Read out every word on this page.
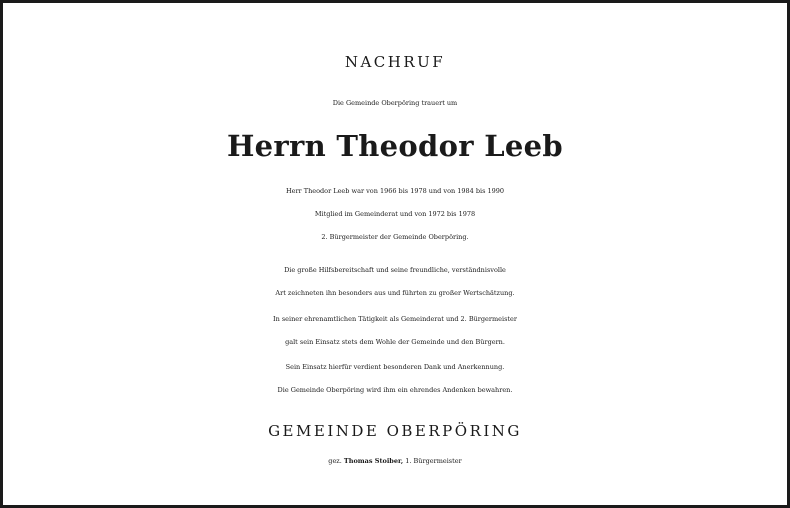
NACHRUF
Die Gemeinde Oberpöring trauert um
Herrn Theodor Leeb
Herr Theodor Leeb war von 1966 bis 1978 und von 1984 bis 1990
Mitglied im Gemeinderat und von 1972 bis 1978
2. Bürgermeister der Gemeinde Oberpöring.
Die große Hilfsbereitschaft und seine freundliche, verständnisvolle
Art zeichneten ihn besonders aus und führten zu großer Wertschätzung.
In seiner ehrenamtlichen Tätigkeit als Gemeinderat und 2. Bürgermeister
galt sein Einsatz stets dem Wohle der Gemeinde und den Bürgern.
Sein Einsatz hierfür verdient besonderen Dank und Anerkennung.
Die Gemeinde Oberpöring wird ihm ein ehrendes Andenken bewahren.
GEMEINDE OBERPÖRING
gez. Thomas Stoiber, 1. Bürgermeister
